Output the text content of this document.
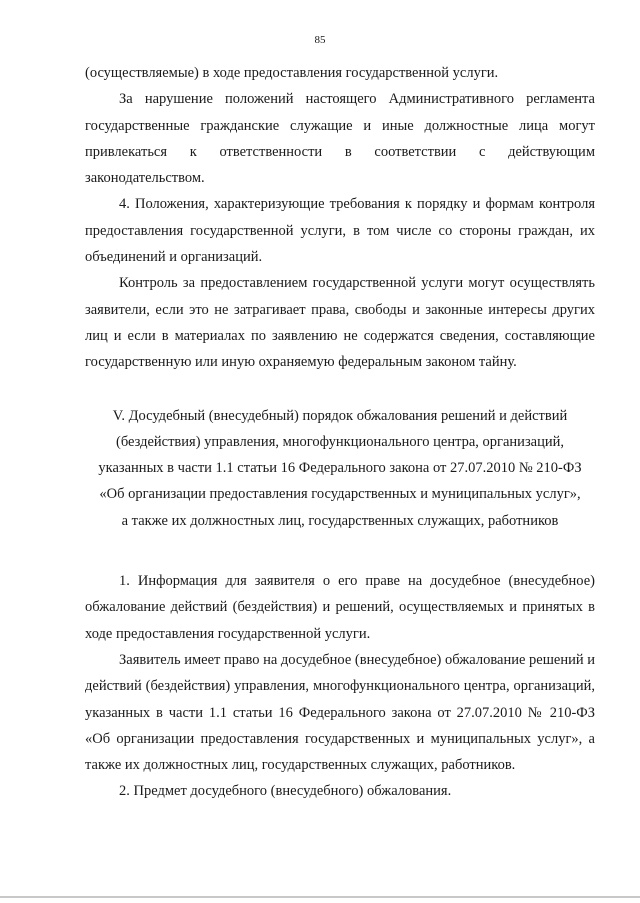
85

(осуществляемые) в ходе предоставления государственной услуги.

За нарушение положений настоящего Административного регламента государственные гражданские служащие и иные должностные лица могут привлекаться к ответственности в соответствии с действующим законодательством.

4. Положения, характеризующие требования к порядку и формам контроля предоставления государственной услуги, в том числе со стороны граждан, их объединений и организаций.

Контроль за предоставлением государственной услуги могут осуществлять заявители, если это не затрагивает права, свободы и законные интересы других лиц и если в материалах по заявлению не содержатся сведения, составляющие государственную или иную охраняемую федеральным законом тайну.

V. Досудебный (внесудебный) порядок обжалования решений и действий
(бездействия) управления, многофункционального центра, организаций,
указанных в части 1.1 статьи 16 Федерального закона от 27.07.2010 № 210-ФЗ
«Об организации предоставления государственных и муниципальных услуг»,
а также их должностных лиц, государственных служащих, работников

1. Информация для заявителя о его праве на досудебное (внесудебное) обжалование действий (бездействия) и решений, осуществляемых и принятых в ходе предоставления государственной услуги.

Заявитель имеет право на досудебное (внесудебное) обжалование решений и действий (бездействия) управления, многофункционального центра, организаций, указанных в части 1.1 статьи 16 Федерального закона от 27.07.2010 № 210-ФЗ «Об организации предоставления государственных и муниципальных услуг», а также их должностных лиц, государственных служащих, работников.

2. Предмет досудебного (внесудебного) обжалования.
